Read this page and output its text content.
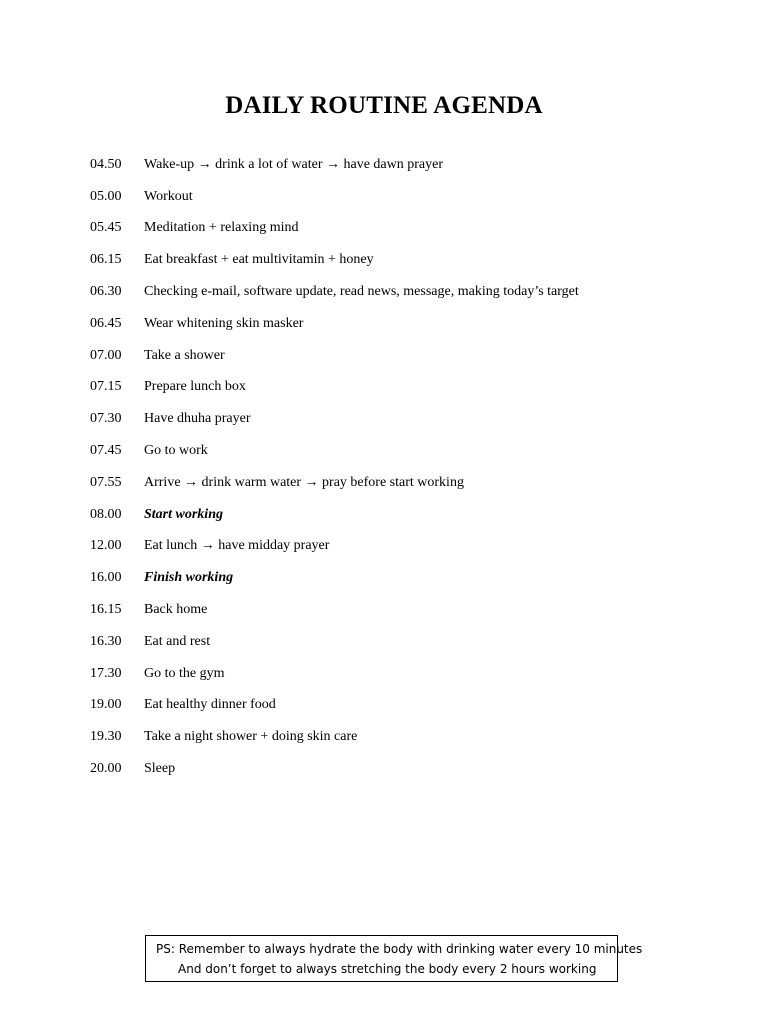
DAILY ROUTINE AGENDA
04.50	Wake-up → drink a lot of water → have dawn prayer
05.00	Workout
05.45	Meditation + relaxing mind
06.15	Eat breakfast + eat multivitamin + honey
06.30	Checking e-mail, software update, read news, message, making today’s target
06.45	Wear whitening skin masker
07.00	Take a shower
07.15	Prepare lunch box
07.30	Have dhuha prayer
07.45	Go to work
07.55	Arrive → drink warm water → pray before start working
08.00	Start working
12.00	Eat lunch → have midday prayer
16.00	Finish working
16.15	Back home
16.30	Eat and rest
17.30	Go to the gym
19.00	Eat healthy dinner food
19.30	Take a night shower + doing skin care
20.00	Sleep
PS: Remember to always hydrate the body with drinking water every 10 minutes
And don’t forget to always stretching the body every 2 hours working
